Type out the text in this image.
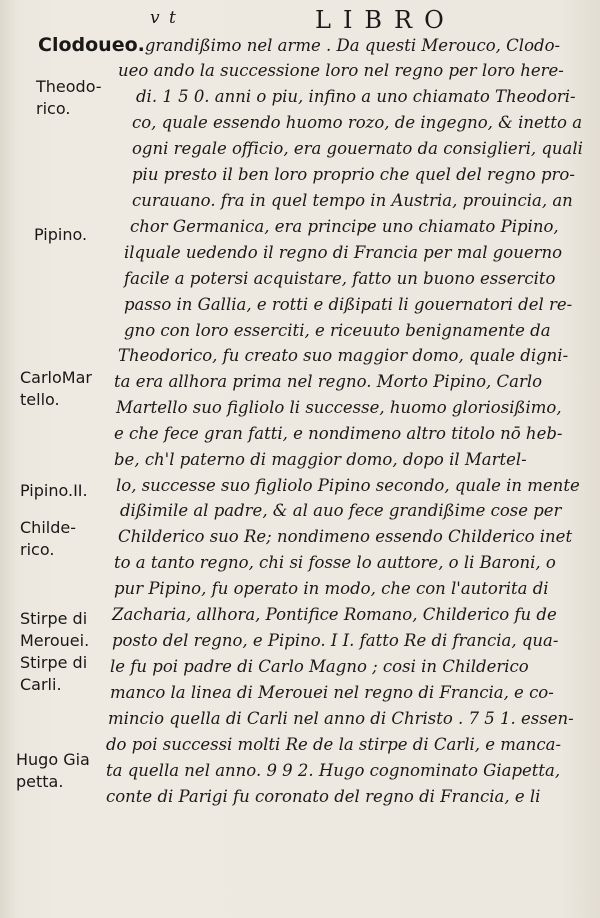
v t	LIBRO
Theodo-
rico.
Pipino.
CarloMar
tello.
Pipino.II.
Childe-
rico.
Stirpe di
Merouei.
Stirpe di
Carli.
Hugo Gia
petta.
Clodoueo.grandißimo nel arme . Da questi Merouco, Clodo-
ueo ando la successione loro nel regno per loro here-
di. 1 5 0. anni o piu, infino a uno chiamato Theodori-
co, quale essendo huomo rozo, de ingegno, & inetto a
ogni regale officio, era gouernato da consiglieri, quali
piu presto il ben loro proprio che quel del regno pro-
curauano. fra in quel tempo in Austria, prouincia, an
chor Germanica, era principe uno chiamato Pipino,
ilquale uedendo il regno di Francia per mal gouerno
facile a potersi acquistare, fatto un buono essercito
passo in Gallia, e rotti e dißipati li gouernatori del re-
gno con loro esserciti, e riceuuto benignamente da
Theodorico, fu creato suo maggior domo, quale digni-
ta era allhora prima nel regno. Morto Pipino, Carlo
Martello suo figliolo li successe, huomo gloriosißimo,
e che fece gran fatti, e nondimeno altro titolo nō heb-
be, ch'l paterno di maggior domo, dopo il Martel-
lo, successe suo figliolo Pipino secondo, quale in mente
dißimile al padre, & al auo fece grandißime cose per
Childerico suo Re; nondimeno essendo Childerico inet
to a tanto regno, chi si fosse lo auttore, o li Baroni, o
pur Pipino, fu operato in modo, che con l'autorita di
Zacharia, allhora, Pontifice Romano, Childerico fu de
posto del regno, e Pipino. I I. fatto Re di francia, qua-
le fu poi padre di Carlo Magno ; cosi in Childerico
manco la linea di Merouei nel regno di Francia, e co-
mincio quella di Carli nel anno di Christo . 7 5 1. essen-
do poi successi molti Re de la stirpe di Carli, e manca-
ta quella nel anno. 9 9 2. Hugo cognominato Giapetta,
conte di Parigi fu coronato del regno di Francia, e li
